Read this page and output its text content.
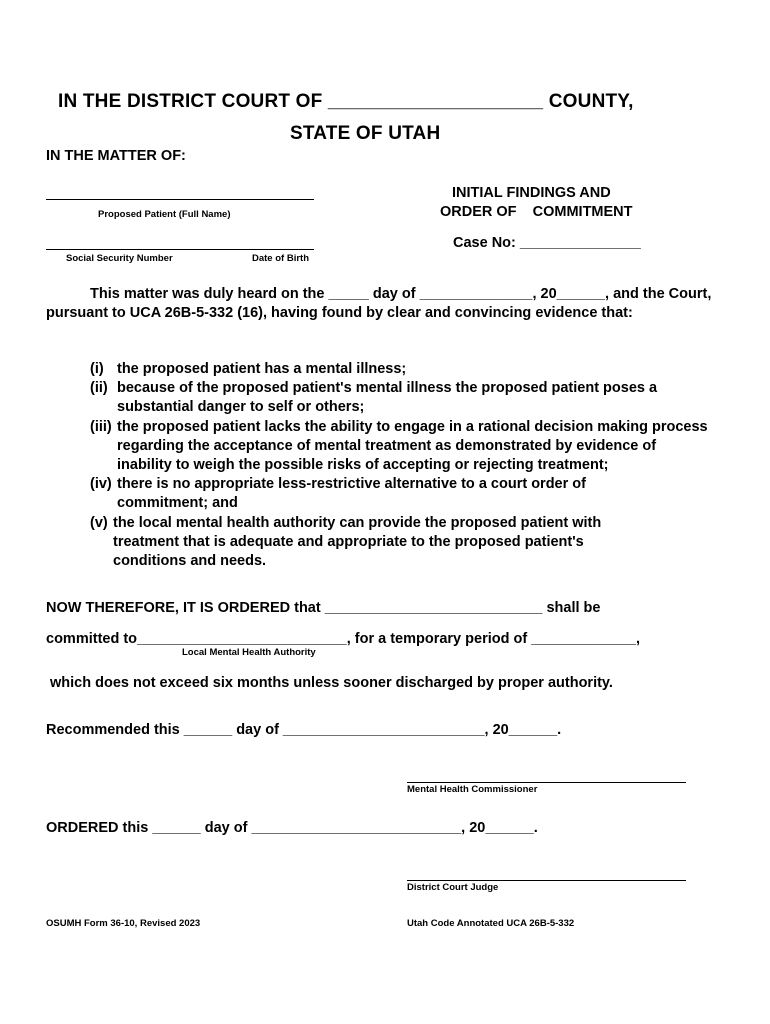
IN THE DISTRICT COURT OF ____________________ COUNTY,
STATE OF UTAH
IN THE MATTER OF:
Proposed Patient (Full Name)
Social Security Number	Date of Birth
INITIAL FINDINGS AND
ORDER OF    COMMITMENT
Case No: _______________
This matter was duly heard on the _____ day of ______________, 20______, and the Court, pursuant to UCA 26B-5-332 (16), having found by clear and convincing evidence that:
(i) the proposed patient has a mental illness;
(ii) because of the proposed patient's mental illness the proposed patient poses a substantial danger to self or others;
(iii) the proposed patient lacks the ability to engage in a rational decision making process regarding the acceptance of mental treatment as demonstrated by evidence of inability to weigh the possible risks of accepting or rejecting treatment;
(iv) there is no appropriate less-restrictive alternative to a court order of commitment; and
(v) the local mental health authority can provide the proposed patient with treatment that is adequate and appropriate to the proposed patient's conditions and needs.
NOW THEREFORE, IT IS ORDERED that ___________________________ shall be
committed to__________________________, for a temporary period of _____________,
Local Mental Health Authority
which does not exceed six months unless sooner discharged by proper authority.
Recommended this ______ day of _________________________, 20______.
Mental Health Commissioner
ORDERED this ______ day of __________________________, 20______.
District Court Judge
OSUMH Form 36-10, Revised 2023	Utah Code Annotated UCA 26B-5-332
